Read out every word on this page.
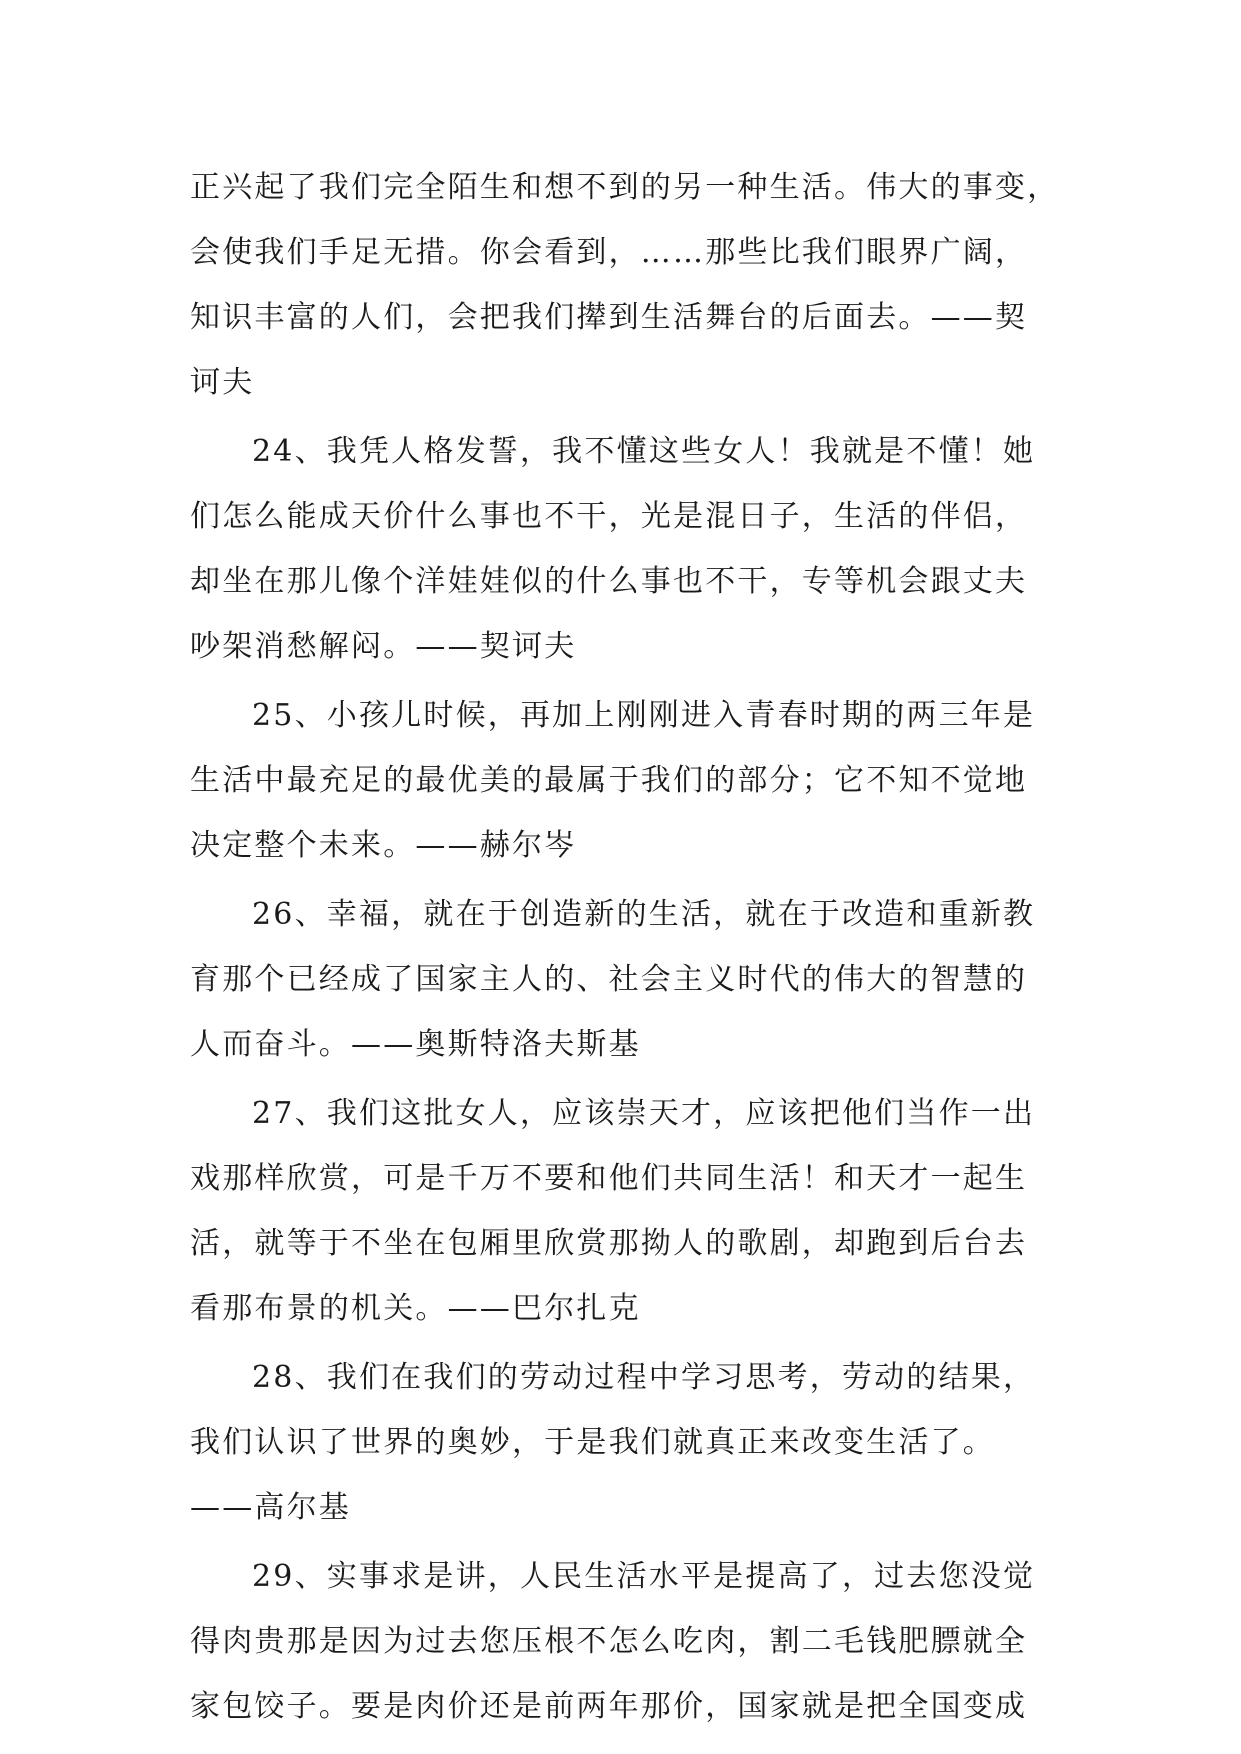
正兴起了我们完全陌生和想不到的另一种生活。伟大的事变，
会使我们手足无措。你会看到，……那些比我们眼界广阔，
知识丰富的人们，会把我们撵到生活舞台的后面去。——契
诃夫
24、我凭人格发誓，我不懂这些女人！我就是不懂！她
们怎么能成天价什么事也不干，光是混日子，生活的伴侣，
却坐在那儿像个洋娃娃似的什么事也不干，专等机会跟丈夫
吵架消愁解闷。——契诃夫
25、小孩儿时候，再加上刚刚进入青春时期的两三年是
生活中最充足的最优美的最属于我们的部分；它不知不觉地
决定整个未来。——赫尔岑
26、幸福，就在于创造新的生活，就在于改造和重新教
育那个已经成了国家主人的、社会主义时代的伟大的智慧的
人而奋斗。——奥斯特洛夫斯基
27、我们这批女人，应该崇天才，应该把他们当作一出
戏那样欣赏，可是千万不要和他们共同生活！和天才一起生
活，就等于不坐在包厢里欣赏那拗人的歌剧，却跑到后台去
看那布景的机关。——巴尔扎克
28、我们在我们的劳动过程中学习思考，劳动的结果，
我们认识了世界的奥妙，于是我们就真正来改变生活了。
——高尔基
29、实事求是讲，人民生活水平是提高了，过去您没觉
得肉贵那是因为过去您压根不怎么吃肉，割二毛钱肥膘就全
家包饺子。要是肉价还是前两年那价，国家就是把全国变成
